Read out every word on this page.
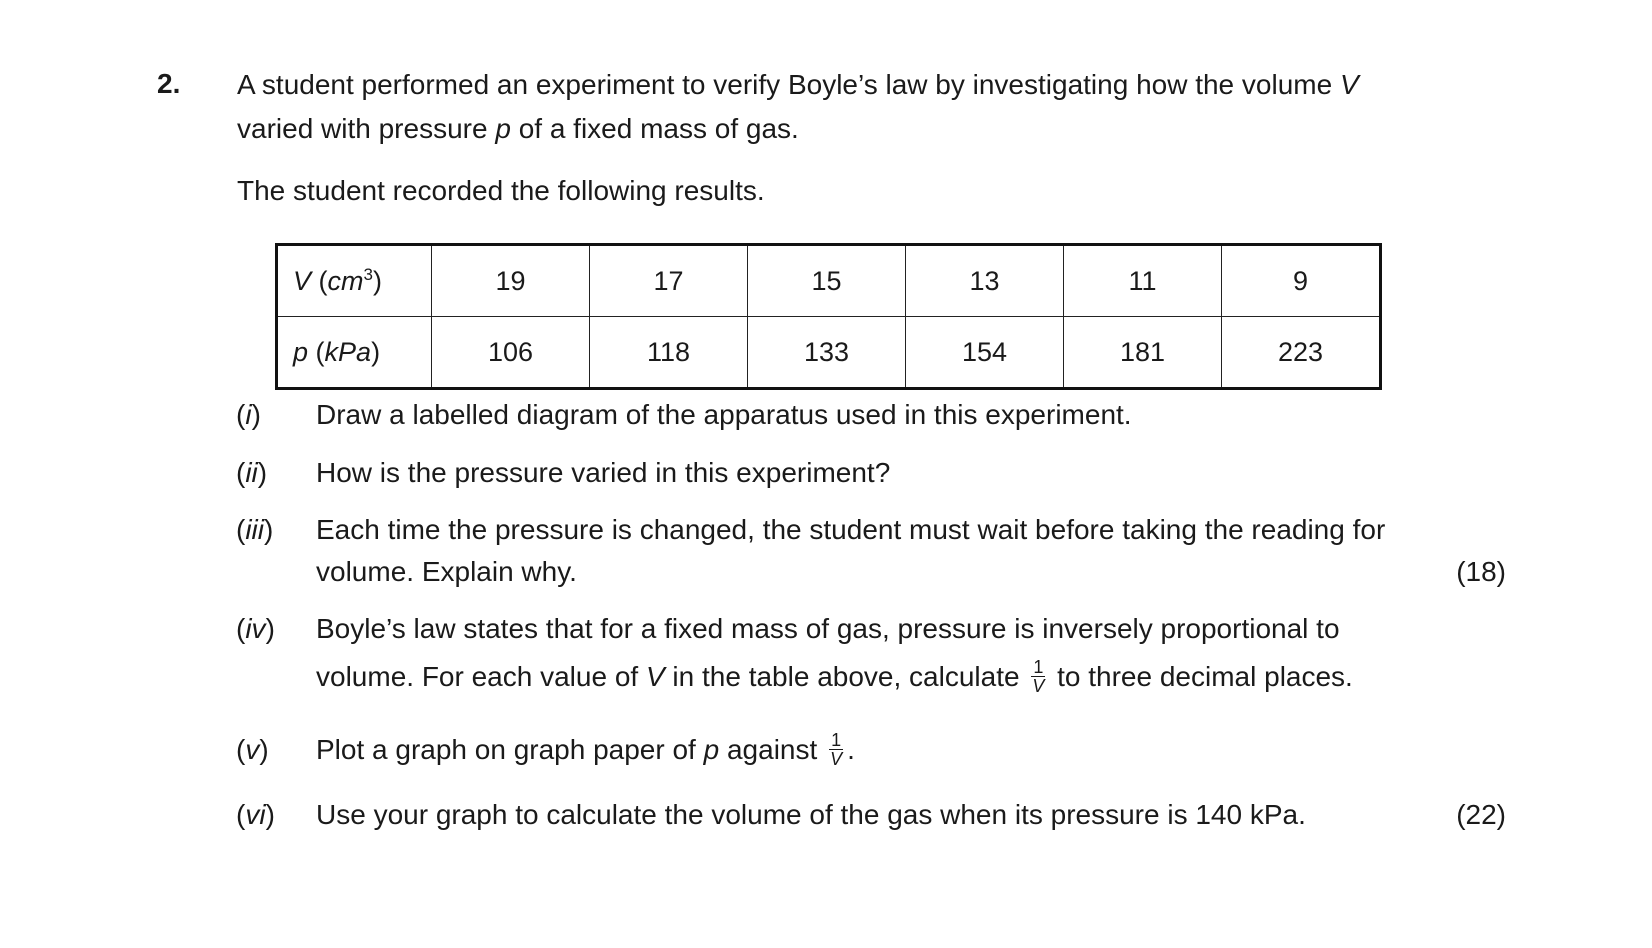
2. A student performed an experiment to verify Boyle’s law by investigating how the volume V
varied with pressure p of a fixed mass of gas.
The student recorded the following results.
V $(cm^3)$	19	17	15	13	11	9
p (kPa)	106	118	133	154	181	223
(i) Draw a labelled diagram of the apparatus used in this experiment.
(ii) How is the pressure varied in this experiment?
(iii) Each time the pressure is changed, the student must wait before taking the reading for
volume. Explain why.	(18)
(iv) Boyle’s law states that for a fixed mass of gas, pressure is inversely proportional to
volume. For each value of V in the table above, calculate $\frac{1}{V}$ to three decimal places.
(v) Plot a graph on graph paper of p against $\frac{1}{V}$ .
(vi) Use your graph to calculate the volume of the gas when its pressure is 140 kPa.	(22)
